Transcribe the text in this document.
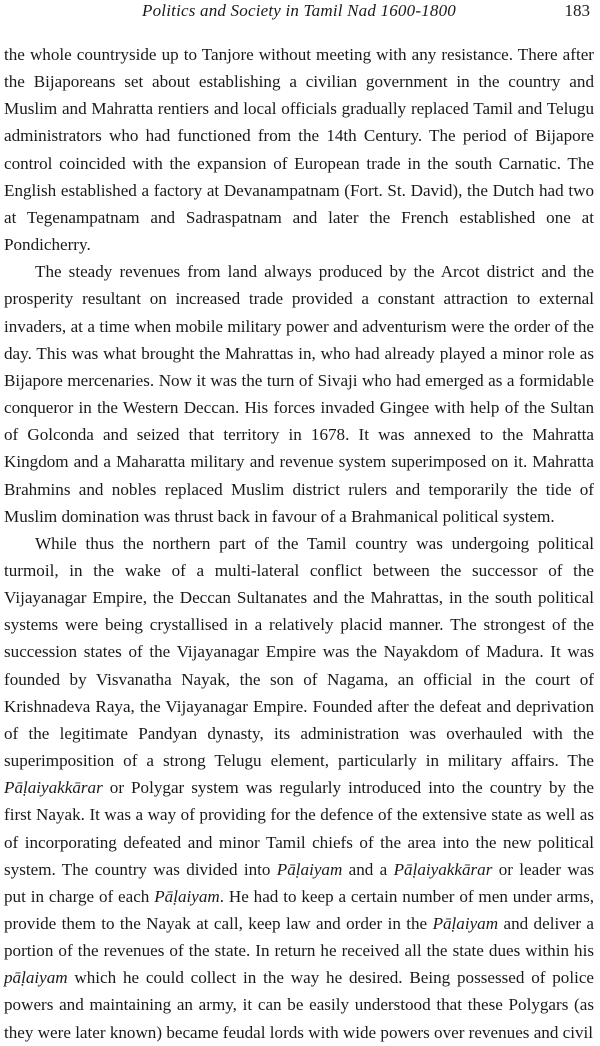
Politics and Society in Tamil Nad 1600-1800	183

the whole countryside up to Tanjore without meeting with any resistance. There after the Bijaporeans set about establishing a civilian government in the country and Muslim and Mahratta rentiers and local officials gradually replaced Tamil and Telugu administrators who had functioned from the 14th Century. The period of Bijapore control coincided with the expansion of European trade in the south Carnatic. The English established a factory at Devanampatnam (Fort. St. David), the Dutch had two at Tegenampatnam and Sadraspatnam and later the French established one at Pondicherry.

The steady revenues from land always produced by the Arcot district and the prosperity resultant on increased trade provided a constant attraction to external invaders, at a time when mobile military power and adventurism were the order of the day. This was what brought the Mahrattas in, who had already played a minor role as Bijapore mercenaries. Now it was the turn of Sivaji who had emerged as a formidable conqueror in the Western Deccan. His forces invaded Gingee with help of the Sultan of Golconda and seized that territory in 1678. It was annexed to the Mahratta Kingdom and a Maharatta military and revenue system superimposed on it. Mahratta Brahmins and nobles replaced Muslim district rulers and temporarily the tide of Muslim domination was thrust back in favour of a Brahmanical political system.

While thus the northern part of the Tamil country was undergoing political turmoil, in the wake of a multi-lateral conflict between the successor of the Vijayanagar Empire, the Deccan Sultanates and the Mahrattas, in the south political systems were being crystallised in a relatively placid manner. The strongest of the succession states of the Vijayanagar Empire was the Nayakdom of Madura. It was founded by Visvanatha Nayak, the son of Nagama, an official in the court of Krishnadeva Raya, the Vijayanagar Empire. Founded after the defeat and deprivation of the legitimate Pandyan dynasty, its administration was overhauled with the superimposition of a strong Telugu element, particularly in military affairs. The Pāḷaiyakkārar or Polygar system was regularly introduced into the country by the first Nayak. It was a way of providing for the defence of the extensive state as well as of incorporating defeated and minor Tamil chiefs of the area into the new political system. The country was divided into Pāḷaiyam and a Pāḷaiyakkārar or leader was put in charge of each Pāḷaiyam. He had to keep a certain number of men under arms, provide them to the Nayak at call, keep law and order in the Pāḷaiyam and deliver a portion of the revenues of the state. In return he received all the state dues within his pāḷaiyam which he could collect in the way he desired. Being possessed of police powers and maintaining an army, it can be easily understood that these Polygars (as they were later known) became feudal lords with wide powers over revenues and civil
